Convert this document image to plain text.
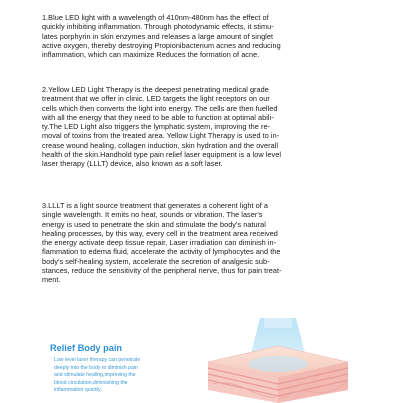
1.Blue LED light with a wavelength of 410nm-480nm has the effect of
quickly inhibiting inflammation. Through photodynamic effects, it stimu-
lates porphyrin in skin enzymes and releases a large amount of singlet
active oxygen, thereby destroying Propionibacterium acnes and reducing
inflammation, which can maximize Reduces the formation of acne.
2.Yellow LED Light Therapy is the deepest penetrating medical grade
treatment that we offer in clinic. LED targets the light receptors on our
cells which then converts the light into energy. The cells are then fuelled
with all the energy that they need to be able to function at optimal abili-
ty.The LED Light also triggers the lymphatic system, improving the re-
moval of toxins from the treated area. Yellow Light Therapy is used to in-
crease wound healing, collagen induction, skin hydration and the overall
health of the skin.Handhold type pain relief laser equipment is a low level
laser therapy (LLLT) device, also known as a soft laser.
3.LLLT is a light source treatment that generates a coherent light of a
single wavelength. It emits no heat, sounds or vibration. The laser's
energy is used to penetrate the skin and stimulate the body's natural
healing processes, by this way, every cell in the treatment area received
the energy activate deep tissue repair, Laser irradiation can diminish in-
flammation to edema fluid, accelerate the activity of lymphocytes and the
body's self-healing system, accelerate the secretion of analgesic sub-
stances, reduce the sensitivity of the peripheral nerve, thus for pain treat-
ment.
Relief Body pain
Low level laser therapy can penetrate
deeply into the body to diminish pain
and stimulate healing,improving the
blood circulation,diminishing the
inflammation quickly.
